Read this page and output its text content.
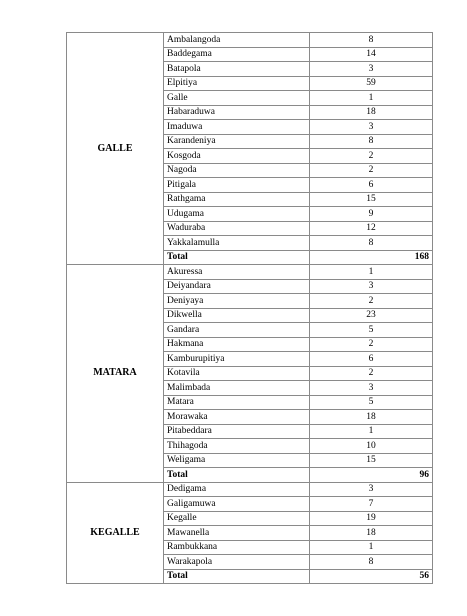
GALLE	Ambalangoda	8
	Baddegama	14
	Batapola	3
	Elpitiya	59
	Galle	1
	Habaraduwa	18
	Imaduwa	3
	Karandeniya	8
	Kosgoda	2
	Nagoda	2
	Pitigala	6
	Rathgama	15
	Udugama	9
	Waduraba	12
	Yakkalamulla	8
	Total	168
MATARA	Akuressa	1
	Deiyandara	3
	Deniyaya	2
	Dikwella	23
	Gandara	5
	Hakmana	2
	Kamburupitiya	6
	Kotavila	2
	Malimbada	3
	Matara	5
	Morawaka	18
	Pitabeddara	1
	Thihagoda	10
	Weligama	15
	Total	96
KEGALLE	Dedigama	3
	Galigamuwa	7
	Kegalle	19
	Mawanella	18
	Rambukkana	1
	Warakapola	8
	Total	56
